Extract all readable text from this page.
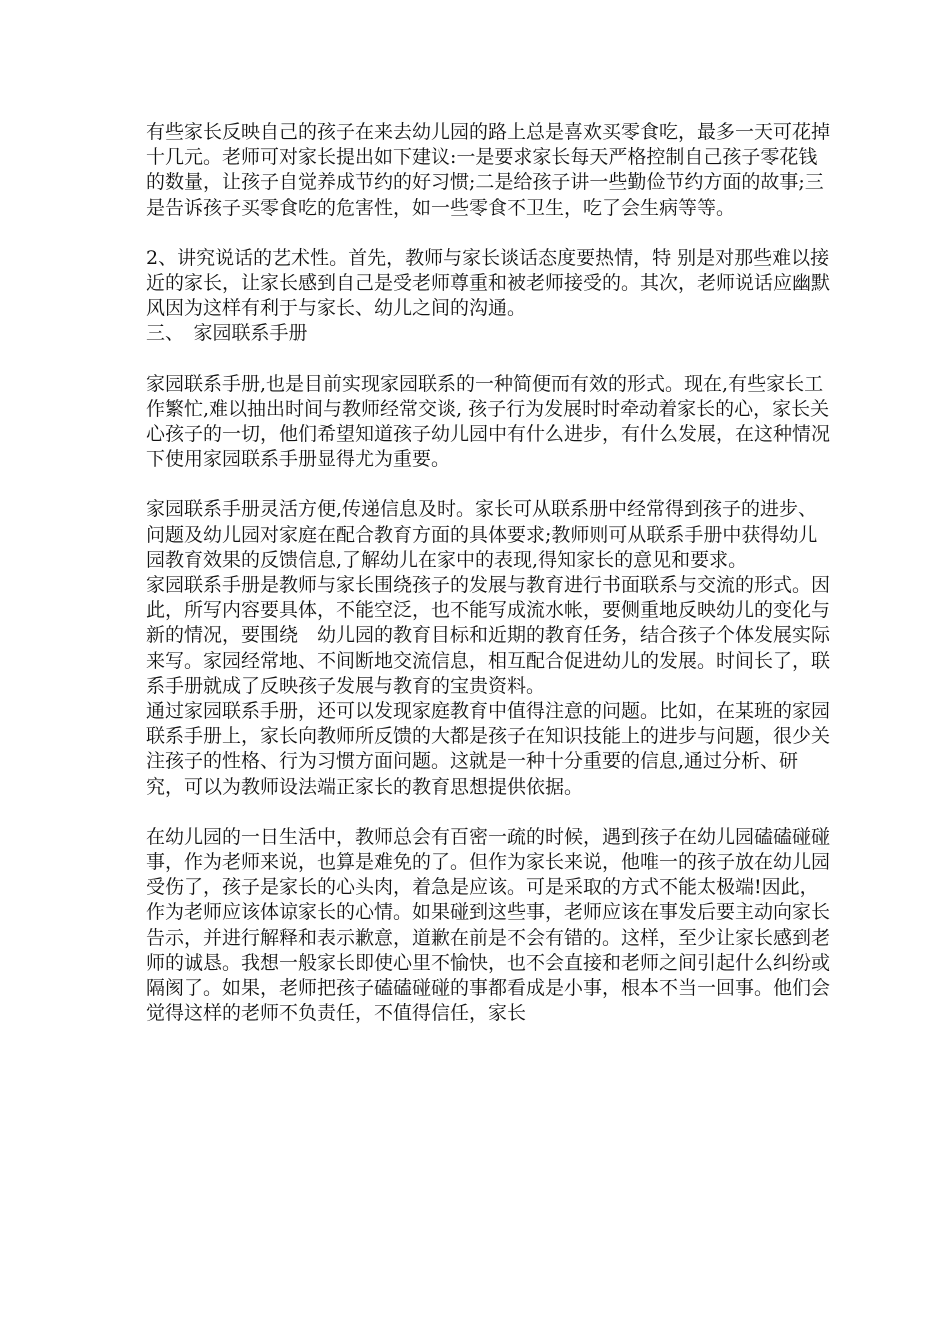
有些家长反映自己的孩子在来去幼儿园的路上总是喜欢买零食吃，最多一天可花掉十几元。老师可对家长提出如下建议:一是要求家长每天严格控制自己孩子零花钱的数量，让孩子自觉养成节约的好习惯;二是给孩子讲一些勤俭节约方面的故事;三是告诉孩子买零食吃的危害性，如一些零食不卫生，吃了会生病等等。

2、讲究说话的艺术性。首先，教师与家长谈话态度要热情，特 别是对那些难以接近的家长，让家长感到自己是受老师尊重和被老师接受的。其次，老师说话应幽默风因为这样有利于与家长、幼儿之间的沟通。

三、　家园联系手册

家园联系手册,也是目前实现家园联系的一种简便而有效的形式。现在,有些家长工作繁忙,难以抽出时间与教师经常交谈, 孩子行为发展时时牵动着家长的心，家长关心孩子的一切，他们希望知道孩子幼儿园中有什么进步，有什么发展，在这种情况下使用家园联系手册显得尤为重要。

家园联系手册灵活方便,传递信息及时。家长可从联系册中经常得到孩子的进步、问题及幼儿园对家庭在配合教育方面的具体要求;教师则可从联系手册中获得幼儿园教育效果的反馈信息,了解幼儿在家中的表现,得知家长的意见和要求。

家园联系手册是教师与家长围绕孩子的发展与教育进行书面联系与交流的形式。因此，所写内容要具体，不能空泛，也不能写成流水帐，要侧重地反映幼儿的变化与新的情况，要围绕　幼儿园的教育目标和近期的教育任务，结合孩子个体发展实际来写。家园经常地、不间断地交流信息，相互配合促进幼儿的发展。时间长了，联系手册就成了反映孩子发展与教育的宝贵资料。

通过家园联系手册，还可以发现家庭教育中值得注意的问题。比如，在某班的家园联系手册上，家长向教师所反馈的大都是孩子在知识技能上的进步与问题，很少关注孩子的性格、行为习惯方面问题。这就是一种十分重要的信息,通过分析、研究，可以为教师设法端正家长的教育思想提供依据。

在幼儿园的一日生活中，教师总会有百密一疏的时候，遇到孩子在幼儿园磕磕碰碰事，作为老师来说，也算是难免的了。但作为家长来说，他唯一的孩子放在幼儿园受伤了，孩子是家长的心头肉，着急是应该。可是采取的方式不能太极端!因此，作为老师应该体谅家长的心情。如果碰到这些事，老师应该在事发后要主动向家长告示，并进行解释和表示歉意，道歉在前是不会有错的。这样，至少让家长感到老师的诚恳。我想一般家长即使心里不愉快，也不会直接和老师之间引起什么纠纷或隔阂了。如果，老师把孩子磕磕碰碰的事都看成是小事，根本不当一回事。他们会觉得这样的老师不负责任，不值得信任，家长
